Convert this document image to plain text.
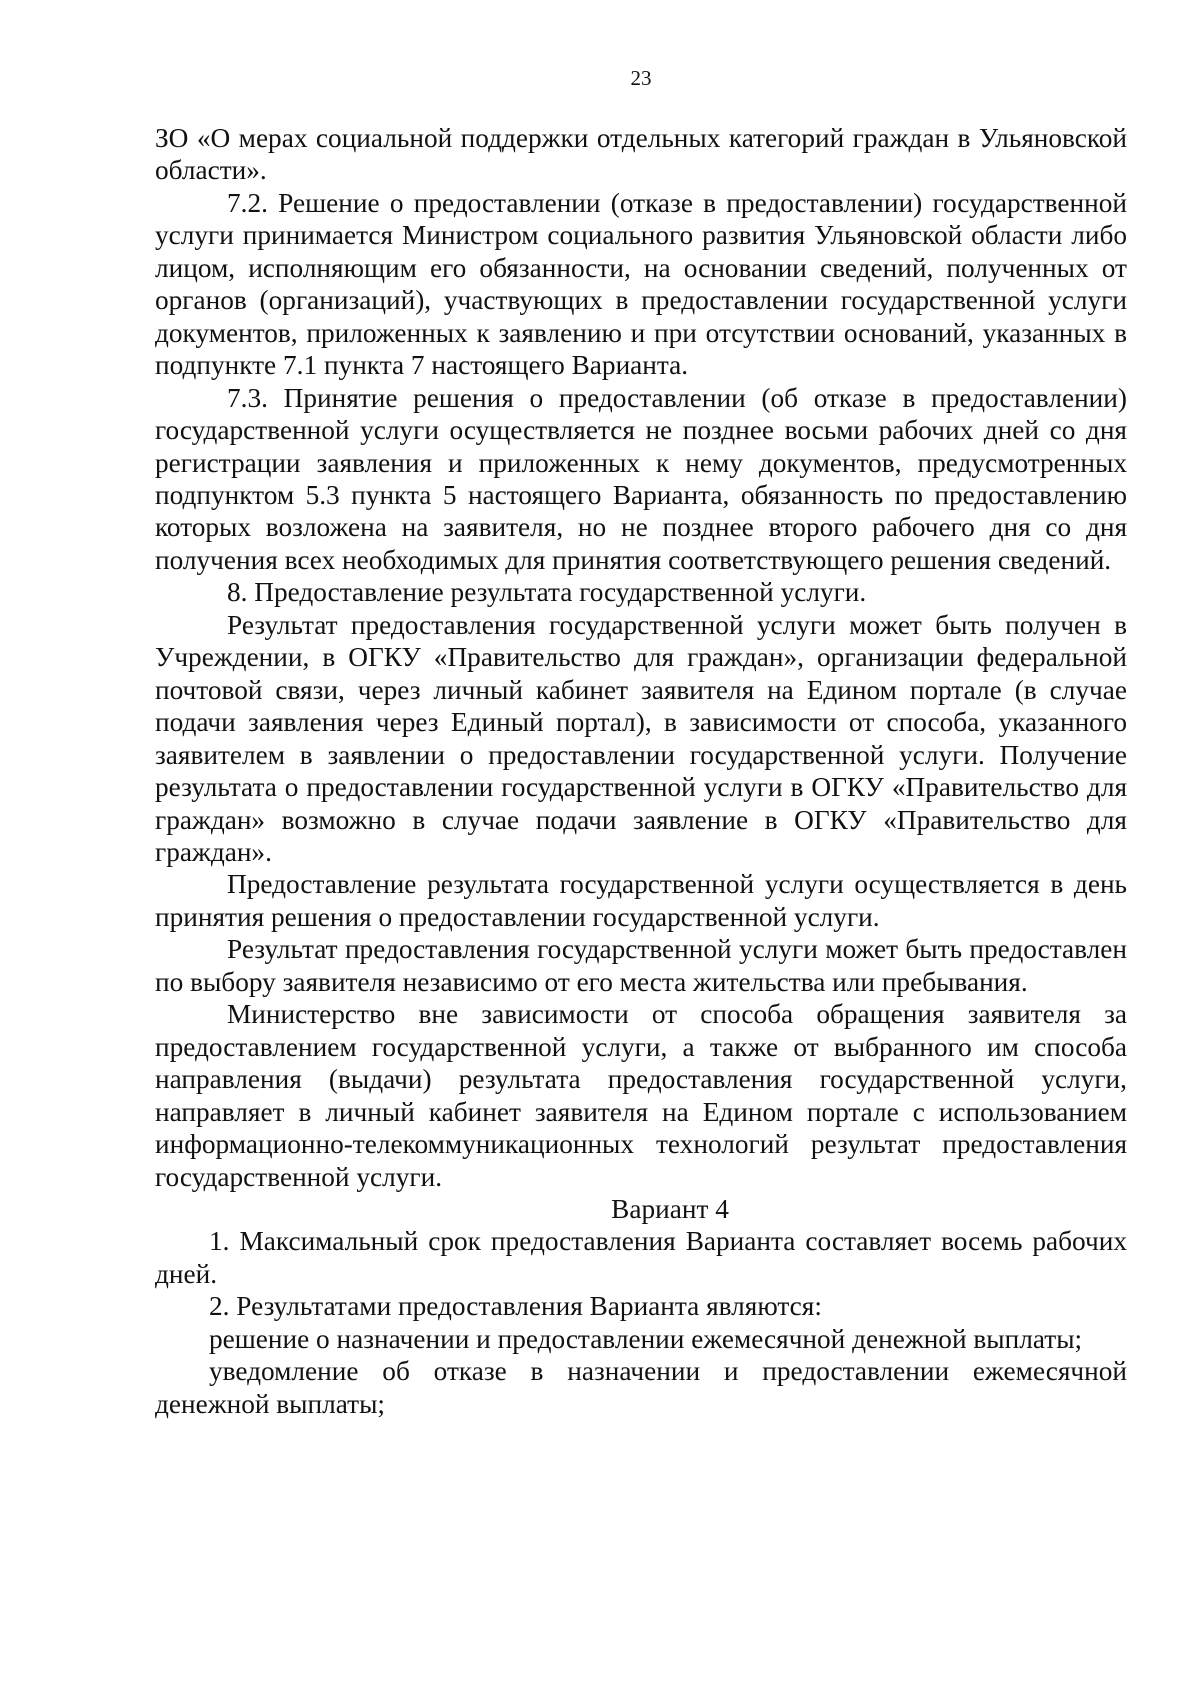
23

ЗО «О мерах социальной поддержки отдельных категорий граждан в Ульяновской области».

7.2. Решение о предоставлении (отказе в предоставлении) государственной услуги принимается Министром социального развития Ульяновской области либо лицом, исполняющим его обязанности, на основании сведений, полученных от органов (организаций), участвующих в предоставлении государственной услуги документов, приложенных к заявлению и при отсутствии оснований, указанных в подпункте 7.1 пункта 7 настоящего Варианта.

7.3. Принятие решения о предоставлении (об отказе в предоставлении) государственной услуги осуществляется не позднее восьми рабочих дней со дня регистрации заявления и приложенных к нему документов, предусмотренных подпунктом 5.3 пункта 5 настоящего Варианта, обязанность по предоставлению которых возложена на заявителя, но не позднее второго рабочего дня со дня получения всех необходимых для принятия соответствующего решения сведений.

8. Предоставление результата государственной услуги.

Результат предоставления государственной услуги может быть получен в Учреждении, в ОГКУ «Правительство для граждан», организации федеральной почтовой связи, через личный кабинет заявителя на Едином портале (в случае подачи заявления через Единый портал), в зависимости от способа, указанного заявителем в заявлении о предоставлении государственной услуги. Получение результата о предоставлении государственной услуги в ОГКУ «Правительство для граждан» возможно в случае подачи заявление в ОГКУ «Правительство для граждан».

Предоставление результата государственной услуги осуществляется в день принятия решения о предоставлении государственной услуги.

Результат предоставления государственной услуги может быть предоставлен по выбору заявителя независимо от его места жительства или пребывания.

Министерство вне зависимости от способа обращения заявителя за предоставлением государственной услуги, а также от выбранного им способа направления (выдачи) результата предоставления государственной услуги, направляет в личный кабинет заявителя на Едином портале с использованием информационно-телекоммуникационных технологий результат предоставления государственной услуги.

Вариант 4

1. Максимальный срок предоставления Варианта составляет восемь рабочих дней.

2. Результатами предоставления Варианта являются:

решение о назначении и предоставлении ежемесячной денежной выплаты;

уведомление об отказе в назначении и предоставлении ежемесячной денежной выплаты;
